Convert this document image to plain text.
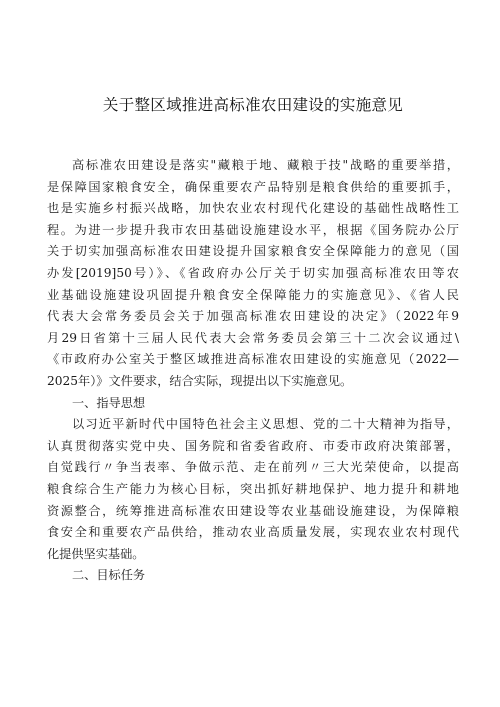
关于整区域推进高标准农田建设的实施意见
高标准农田建设是落实"藏粮于地、藏粮于技"战略的重要举措，
是保障国家粮食安全，确保重要农产品特别是粮食供给的重要抓手，
也是实施乡村振兴战略，加快农业农村现代化建设的基础性战略性工
程。为进一步提升我市农田基础设施建设水平，根据《国务院办公厅
关于切实加强高标准农田建设提升国家粮食安全保障能力的意见（国
办发[2019]50号）》、《省政府办公厅关于切实加强高标准农田等农
业基础设施建设巩固提升粮食安全保障能力的实施意见》、《省人民
代表大会常务委员会关于加强高标准农田建设的决定》（2022年9
月29日省第十三届人民代表大会常务委员会第三十二次会议通过\
《市政府办公室关于整区域推进高标准农田建设的实施意见（2022—
2025年）》文件要求，结合实际，现提出以下实施意见。
一、指导思想
以习近平新时代中国特色社会主义思想、党的二十大精神为指导，
认真贯彻落实党中央、国务院和省委省政府、市委市政府决策部署，
自觉践行〃争当表率、争做示范、走在前列〃三大光荣使命，以提高
粮食综合生产能力为核心目标，突出抓好耕地保护、地力提升和耕地
资源整合，统筹推进高标准农田建设等农业基础设施建设，为保障粮
食安全和重要农产品供给，推动农业高质量发展，实现农业农村现代
化提供坚实基础。
二、目标任务
